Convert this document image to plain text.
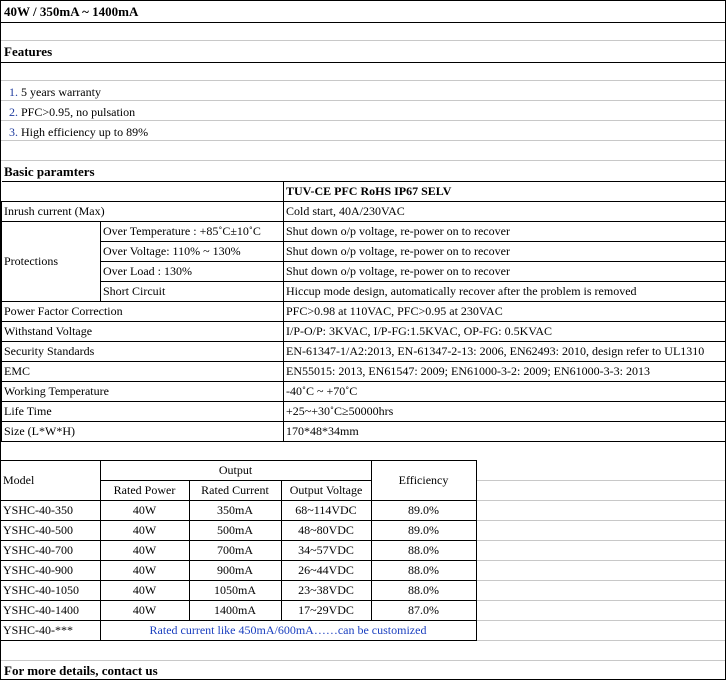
40W / 350mA ~ 1400mA
Features
1. 5 years warranty
2. PFC>0.95, no pulsation
3. High efficiency up to 89%
Basic paramters
		TUV-CE PFC RoHS IP67 SELV
Inrush current (Max)		Cold start, 40A/230VAC
Protections	Over Temperature : +85˚C±10˚C	Shut down o/p voltage, re-power on to recover
	Over Voltage: 110% ~ 130%	Shut down o/p voltage, re-power on to recover
	Over Load : 130%	Shut down o/p voltage, re-power on to recover
	Short Circuit	Hiccup mode design, automatically recover after the problem is removed
Power Factor Correction		PFC>0.98 at 110VAC, PFC>0.95 at 230VAC
Withstand Voltage		I/P-O/P: 3KVAC, I/P-FG:1.5KVAC, OP-FG: 0.5KVAC
Security Standards		EN-61347-1/A2:2013, EN-61347-2-13: 2006, EN62493: 2010, design refer to UL1310
EMC		EN55015: 2013, EN61547: 2009; EN61000-3-2: 2009; EN61000-3-3: 2013
Working Temperature		-40˚C ~ +70˚C
Life Time		+25~+30˚C≥50000hrs
Size (L*W*H)		170*48*34mm
Model	Output			Efficiency
	Rated Power	Rated Current	Output Voltage	
YSHC-40-350	40W	350mA	68~114VDC	89.0%
YSHC-40-500	40W	500mA	48~80VDC	89.0%
YSHC-40-700	40W	700mA	34~57VDC	88.0%
YSHC-40-900	40W	900mA	26~44VDC	88.0%
YSHC-40-1050	40W	1050mA	23~38VDC	88.0%
YSHC-40-1400	40W	1400mA	17~29VDC	87.0%
YSHC-40-***	Rated current like 450mA/600mA……can be customized			
For more details, contact us
